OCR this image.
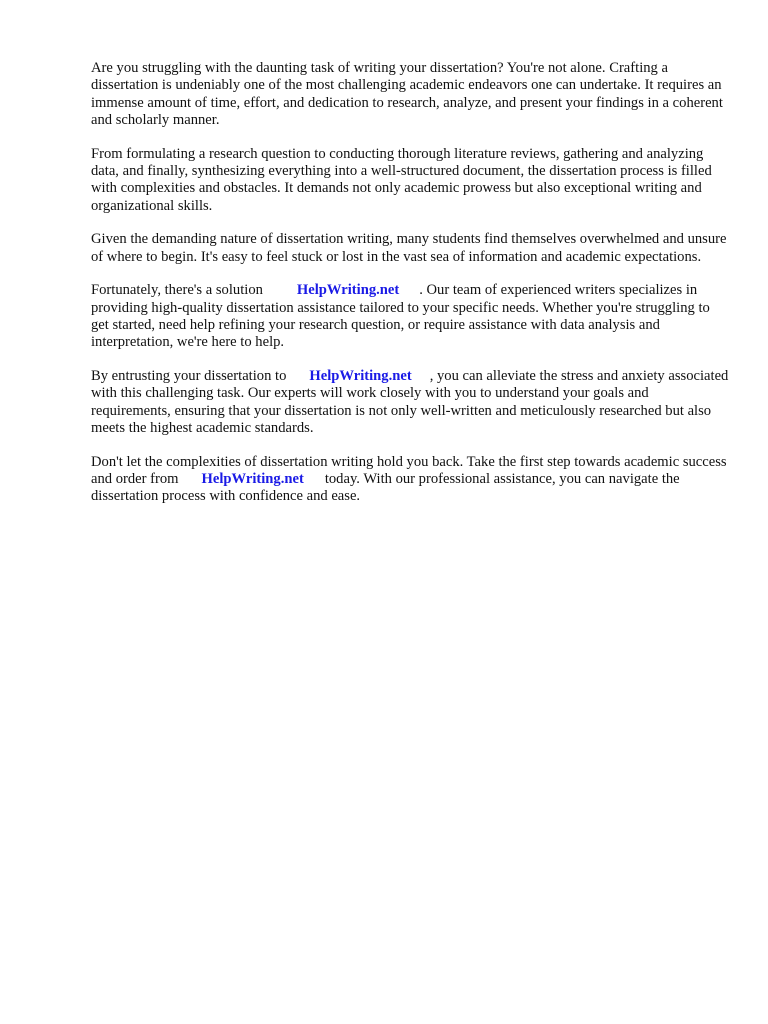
Are you struggling with the daunting task of writing your dissertation? You're not alone. Crafting a dissertation is undeniably one of the most challenging academic endeavors one can undertake. It requires an immense amount of time, effort, and dedication to research, analyze, and present your findings in a coherent and scholarly manner.

From formulating a research question to conducting thorough literature reviews, gathering and analyzing data, and finally, synthesizing everything into a well-structured document, the dissertation process is filled with complexities and obstacles. It demands not only academic prowess but also exceptional writing and organizational skills.

Given the demanding nature of dissertation writing, many students find themselves overwhelmed and unsure of where to begin. It's easy to feel stuck or lost in the vast sea of information and academic expectations.

Fortunately, there's a solution HelpWriting.net . Our team of experienced writers specializes in providing high-quality dissertation assistance tailored to your specific needs. Whether you're struggling to get started, need help refining your research question, or require assistance with data analysis and interpretation, we're here to help.

By entrusting your dissertation to HelpWriting.net , you can alleviate the stress and anxiety associated with this challenging task. Our experts will work closely with you to understand your goals and requirements, ensuring that your dissertation is not only well-written and meticulously researched but also meets the highest academic standards.

Don't let the complexities of dissertation writing hold you back. Take the first step towards academic success and order from HelpWriting.net today. With our professional assistance, you can navigate the dissertation process with confidence and ease.
